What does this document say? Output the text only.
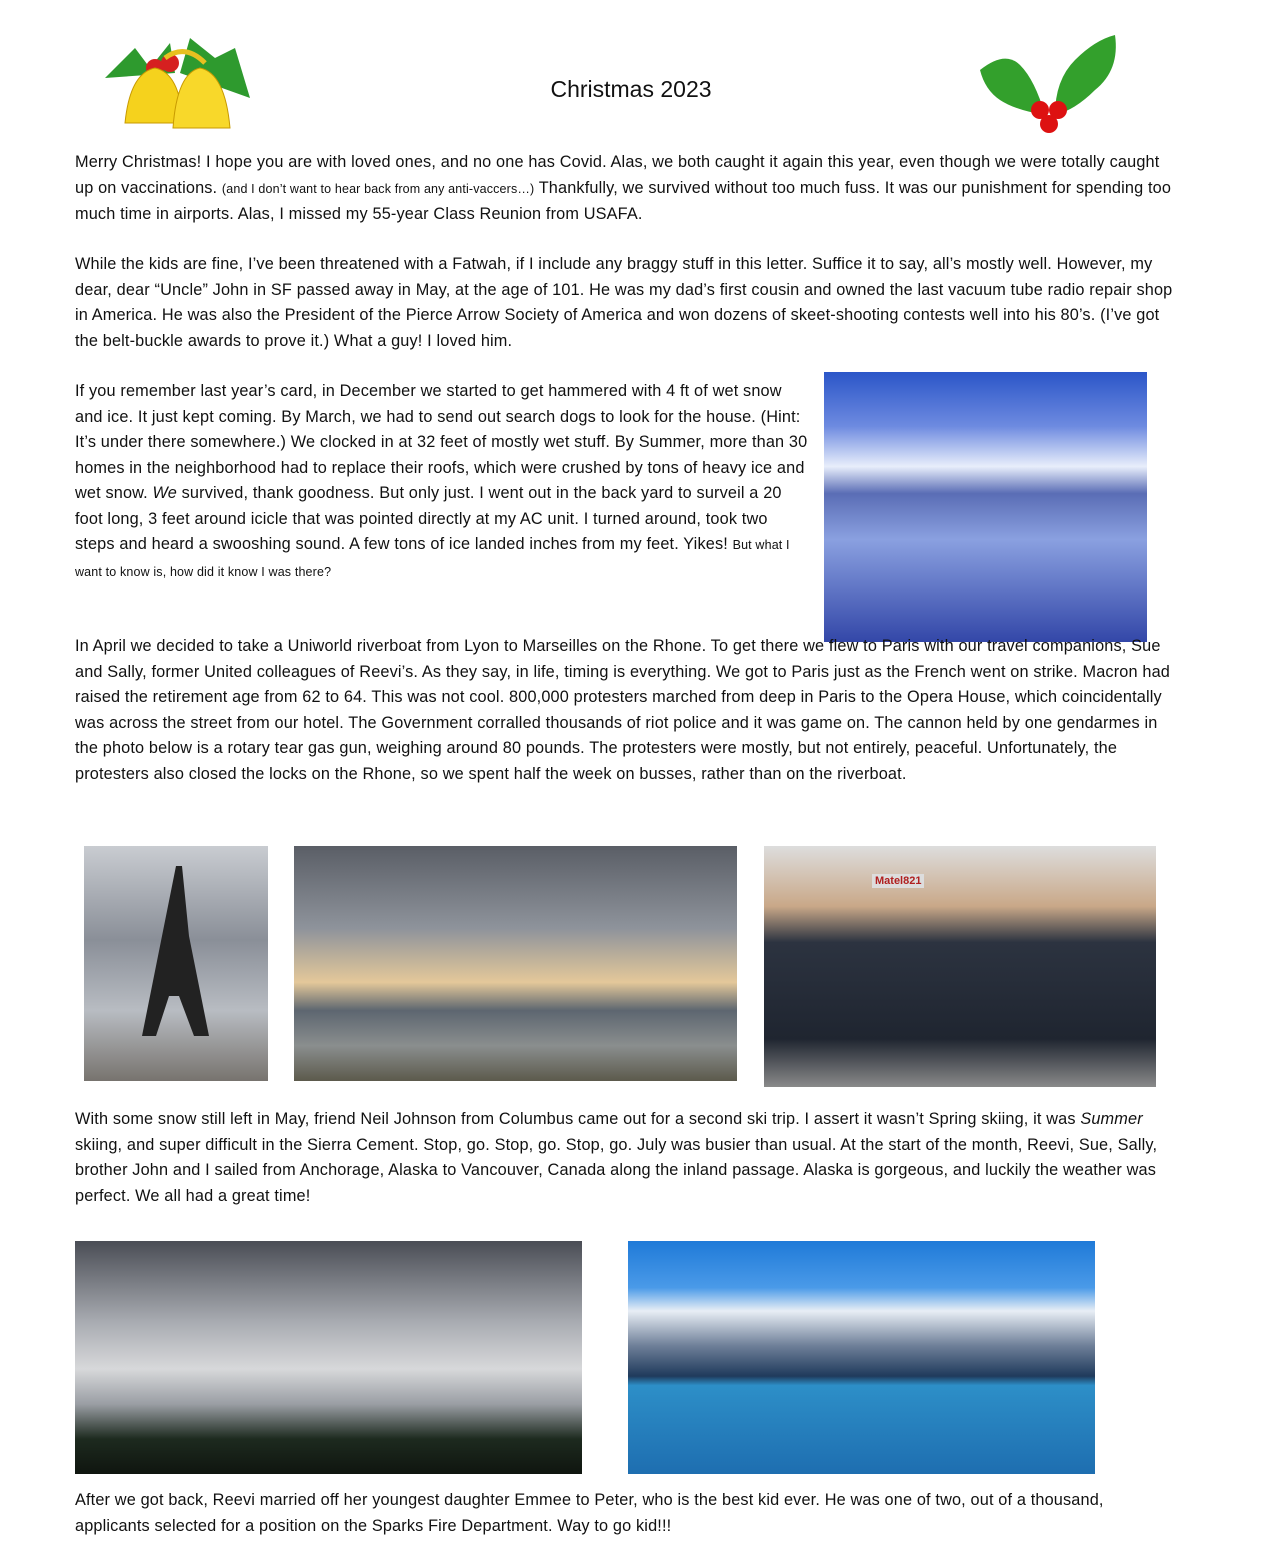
Christmas 2023
Merry Christmas! I hope you are with loved ones, and no one has Covid. Alas, we both caught it again this year, even though we were totally caught up on vaccinations. (and I don’t want to hear back from any anti-vaccers…) Thankfully, we survived without too much fuss. It was our punishment for spending too much time in airports. Alas, I missed my 55-year Class Reunion from USAFA.
While the kids are fine, I’ve been threatened with a Fatwah, if I include any braggy stuff in this letter. Suffice it to say, all’s mostly well. However, my dear, dear “Uncle” John in SF passed away in May, at the age of 101. He was my dad’s first cousin and owned the last vacuum tube radio repair shop in America. He was also the President of the Pierce Arrow Society of America and won dozens of skeet-shooting contests well into his 80’s. (I’ve got the belt-buckle awards to prove it.) What a guy! I loved him.
If you remember last year’s card, in December we started to get hammered with 4 ft of wet snow and ice. It just kept coming. By March, we had to send out search dogs to look for the house. (Hint: It’s under there somewhere.) We clocked in at 32 feet of mostly wet stuff. By Summer, more than 30 homes in the neighborhood had to replace their roofs, which were crushed by tons of heavy ice and wet snow. We survived, thank goodness. But only just. I went out in the back yard to surveil a 20 foot long, 3 feet around icicle that was pointed directly at my AC unit. I turned around, took two steps and heard a swooshing sound. A few tons of ice landed inches from my feet. Yikes! But what I want to know is, how did it know I was there?
In April we decided to take a Uniworld riverboat from Lyon to Marseilles on the Rhone. To get there we flew to Paris with our travel companions, Sue and Sally, former United colleagues of Reevi’s. As they say, in life, timing is everything. We got to Paris just as the French went on strike. Macron had raised the retirement age from 62 to 64. This was not cool. 800,000 protesters marched from deep in Paris to the Opera House, which coincidentally was across the street from our hotel. The Government corralled thousands of riot police and it was game on. The cannon held by one gendarmes in the photo below is a rotary tear gas gun, weighing around 80 pounds. The protesters were mostly, but not entirely, peaceful. Unfortunately, the protesters also closed the locks on the Rhone, so we spent half the week on busses, rather than on the riverboat.
Matel821
With some snow still left in May, friend Neil Johnson from Columbus came out for a second ski trip. I assert it wasn’t Spring skiing, it was Summer skiing, and super difficult in the Sierra Cement. Stop, go. Stop, go. Stop, go. July was busier than usual. At the start of the month, Reevi, Sue, Sally, brother John and I sailed from Anchorage, Alaska to Vancouver, Canada along the inland passage. Alaska is gorgeous, and luckily the weather was perfect. We all had a great time!
After we got back, Reevi married off her youngest daughter Emmee to Peter, who is the best kid ever. He was one of two, out of a thousand, applicants selected for a position on the Sparks Fire Department. Way to go kid!!!
